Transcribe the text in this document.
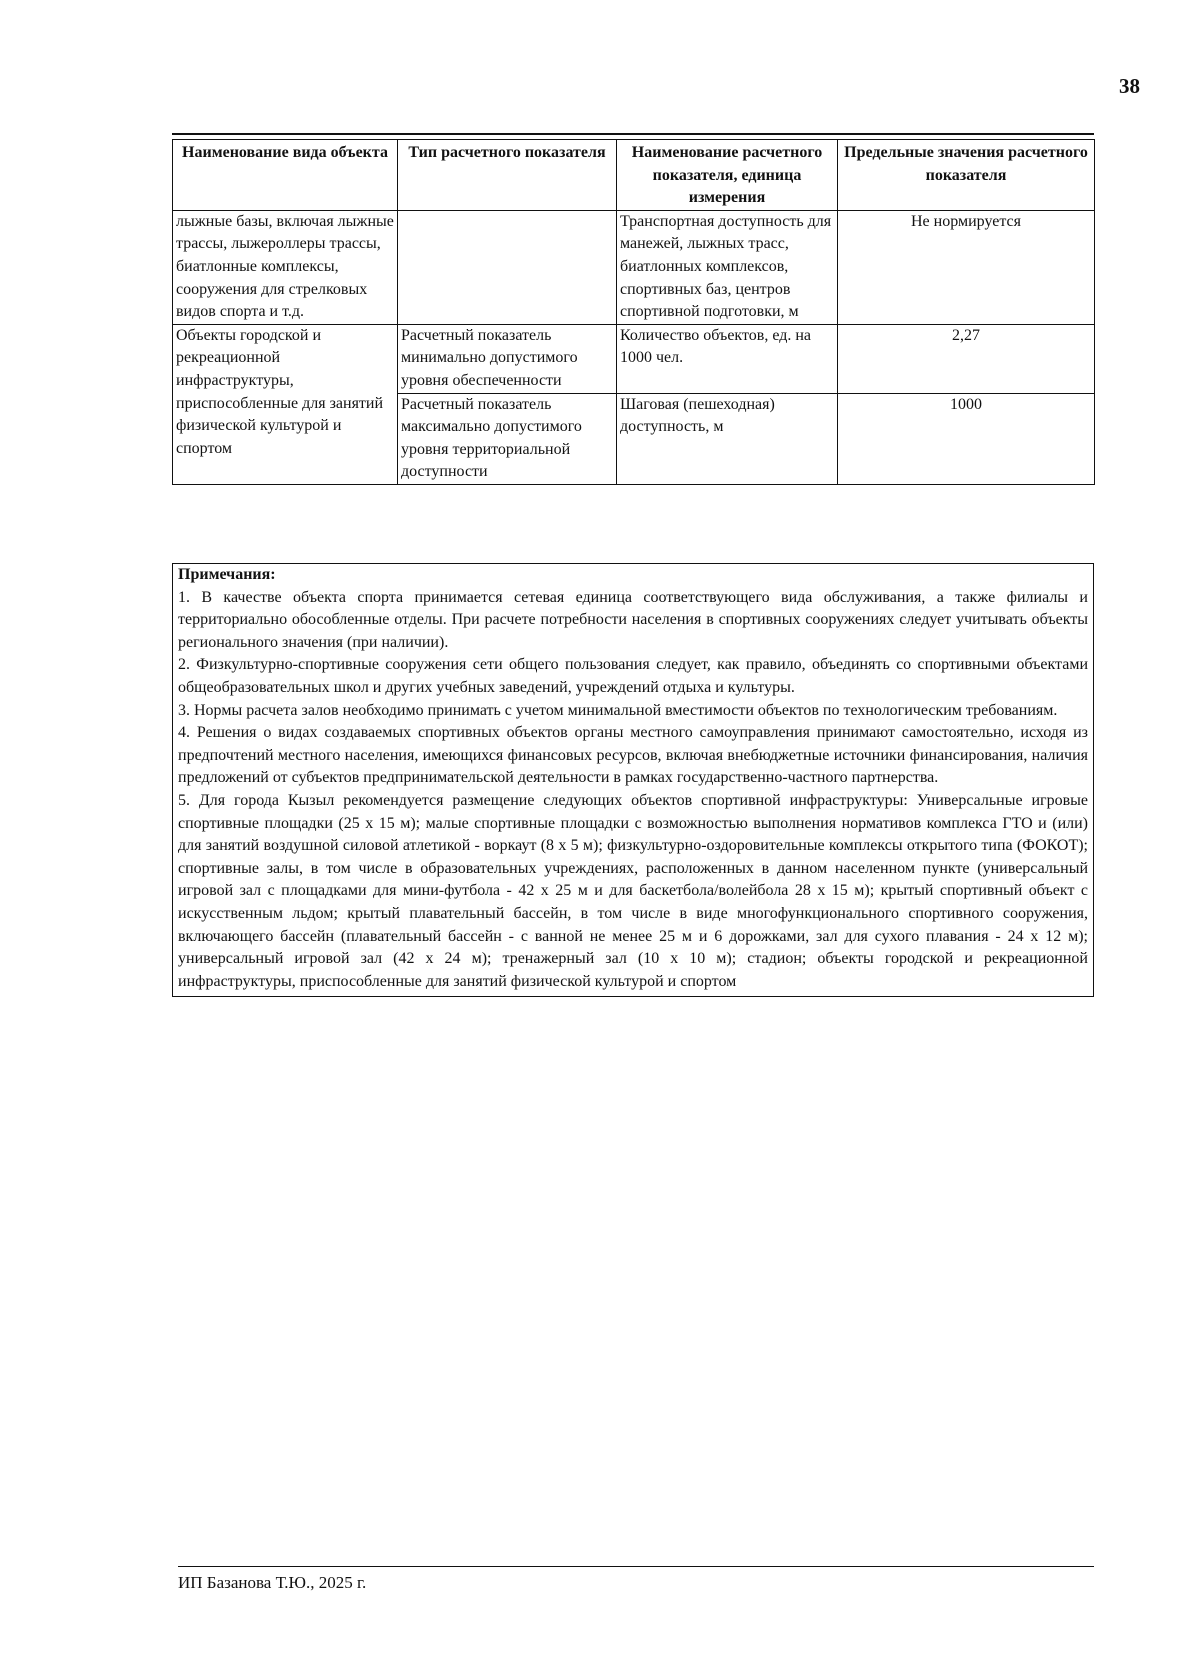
38
Наименование вида объекта	Тип расчетного показателя	Наименование расчетного показателя, единица измерения	Предельные значения расчетного показателя
лыжные базы, включая лыжные трассы, лыжероллеры трассы, биатлонные комплексы, сооружения для стрелковых видов спорта и т.д.		Транспортная доступность для манежей, лыжных трасс, биатлонных комплексов, спортивных баз, центров спортивной подготовки, м	Не нормируется
Объекты городской и рекреационной инфраструктуры, приспособленные для занятий физической культурой и спортом	Расчетный показатель минимально допустимого уровня обеспеченности	Количество объектов, ед. на 1000 чел.	2,27
	Расчетный показатель максимально допустимого уровня территориальной доступности	Шаговая (пешеходная) доступность, м	1000
Примечания:

1. В качестве объекта спорта принимается сетевая единица соответствующего вида обслуживания, а также филиалы и территориально обособленные отделы. При расчете потребности населения в спортивных сооружениях следует учитывать объекты регионального значения (при наличии).

2. Физкультурно-спортивные сооружения сети общего пользования следует, как правило, объединять со спортивными объектами общеобразовательных школ и других учебных заведений, учреждений отдыха и культуры.

3. Нормы расчета залов необходимо принимать с учетом минимальной вместимости объектов по технологическим требованиям.

4. Решения о видах создаваемых спортивных объектов органы местного самоуправления принимают самостоятельно, исходя из предпочтений местного населения, имеющихся финансовых ресурсов, включая внебюджетные источники финансирования, наличия предложений от субъектов предпринимательской деятельности в рамках государственно-частного партнерства.

5. Для города Кызыл рекомендуется размещение следующих объектов спортивной инфраструктуры: Универсальные игровые спортивные площадки (25 х 15 м); малые спортивные площадки с возможностью выполнения нормативов комплекса ГТО и (или) для занятий воздушной силовой атлетикой - воркаут (8 х 5 м); физкультурно-оздоровительные комплексы открытого типа (ФОКОТ); спортивные залы, в том числе в образовательных учреждениях, расположенных в данном населенном пункте (универсальный игровой зал с площадками для мини-футбола - 42 х 25 м и для баскетбола/волейбола 28 х 15 м); крытый спортивный объект с искусственным льдом; крытый плавательный бассейн, в том числе в виде многофункционального спортивного сооружения, включающего бассейн (плавательный бассейн - с ванной не менее 25 м и 6 дорожками, зал для сухого плавания - 24 х 12 м); универсальный игровой зал (42 х 24 м); тренажерный зал (10 х 10 м); стадион; объекты городской и рекреационной инфраструктуры, приспособленные для занятий физической культурой и спортом

ИП Базанова Т.Ю., 2025 г.
